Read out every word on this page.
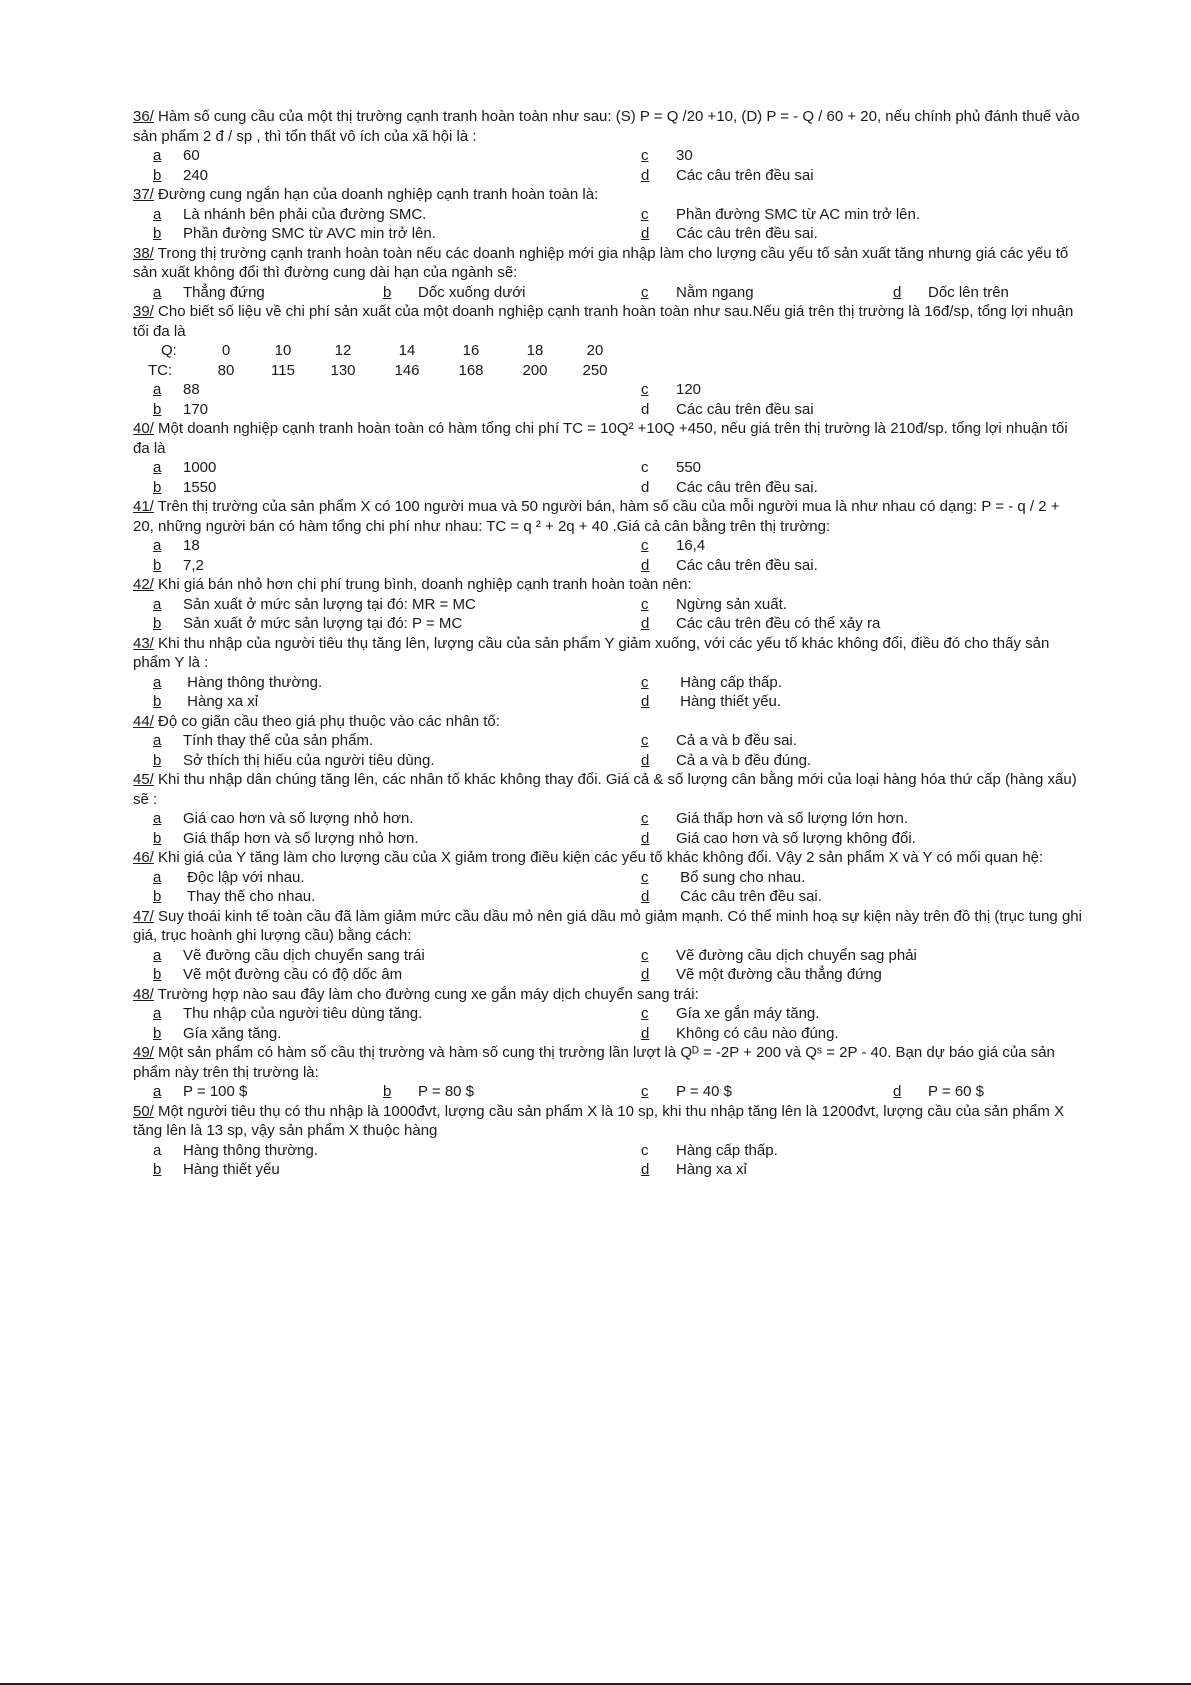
36/ Hàm số cung cầu của một thị trường cạnh tranh hoàn toàn như sau: (S) P = Q /20 +10, (D) P = - Q / 60 + 20, nếu chính phủ đánh thuế vào sản phẩm 2 đ / sp , thì tổn thất vô ích của xã hội là :
a 60	c 30
b 240	d Các câu trên đều sai
37/ Đường cung ngắn hạn của doanh nghiệp cạnh tranh hoàn toàn là:
a Là nhánh bên phải của đường SMC.	c Phần đường SMC từ AC min trở lên.
b Phần đường SMC từ AVC min trở lên.	d Các câu trên đều sai.
38/ Trong thị trường cạnh tranh hoàn toàn nếu các doanh nghiệp mới gia nhập làm cho lượng cầu yếu tố sản xuất tăng nhưng giá các yếu tố sản xuất không đổi thì đường cung dài hạn của ngành sẽ:
a Thẳng đứng	b Dốc xuống dưới	c Nằm ngang	d Dốc lên trên
39/ Cho biết số liệu về chi phí sản xuất của một doanh nghiệp cạnh tranh hoàn toàn như sau.Nếu giá trên thị trường là 16đ/sp, tổng lợi nhuận tối đa là
Q:	0	10	12	14	16	18	20
TC:	80	115	130	146	168	200	250
a 88	c 120
b 170	d Các câu trên đều sai
40/ Một doanh nghiệp cạnh tranh hoàn toàn có hàm tổng chi phí TC = 10Q² +10Q +450, nếu giá trên thị trường là 210đ/sp. tổng lợi nhuận tối đa là
a 1000	c 550
b 1550	d Các câu trên đều sai.
41/ Trên thị trường của sản phẩm X có 100 người mua và 50 người bán, hàm số cầu của mỗi người mua là như nhau có dạng: P = - q / 2 + 20, những người bán có hàm tổng chi phí như nhau: TC = q ² + 2q + 40 .Giá cả cân bằng trên thị trường:
a 18	c 16,4
b 7,2	d Các câu trên đều sai.
42/ Khi giá bán nhỏ hơn chi phí trung bình, doanh nghiệp cạnh tranh hoàn toàn nên:
a Sản xuất ở mức sản lượng tại đó: MR = MC	c Ngừng sản xuất.
b Sản xuất ở mức sản lượng tại đó: P = MC	d Các câu trên đều có thể xảy ra
43/ Khi thu nhập của người tiêu thụ tăng lên, lượng cầu của sản phẩm Y giảm xuống, với các yếu tố khác không đổi, điều đó cho thấy sản phẩm Y là :
a Hàng thông thường.	c Hàng cấp thấp.
b Hàng xa xỉ	d Hàng thiết yếu.
44/ Độ co giãn cầu theo giá phụ thuộc vào các nhân tố:
a Tính thay thế của sản phẩm.	c Cả a và b đều sai.
b Sở thích thị hiếu của người tiêu dùng.	d Cả a và b đều đúng.
45/ Khi thu nhập dân chúng tăng lên, các nhân tố khác không thay đổi. Giá cả & số lượng cân bằng mới của loại hàng hóa thứ cấp (hàng xấu) sẽ :
a Giá cao hơn và số lượng nhỏ hơn.	c Giá thấp hơn và số lượng lớn hơn.
b Giá thấp hơn và số lượng nhỏ hơn.	d Giá cao hơn và số lượng không đổi.
46/ Khi giá của Y tăng làm cho lượng cầu của X giảm trong điều kiện các yếu tố khác không đổi. Vậy 2 sản phẩm X và Y có mối quan hệ:
a Độc lập với nhau.	c Bổ sung cho nhau.
b Thay thế cho nhau.	d Các câu trên đều sai.
47/ Suy thoái kinh tế toàn cầu đã làm giảm mức cầu dầu mỏ nên giá dầu mỏ giảm mạnh. Có thể minh hoạ sự kiện này trên đồ thị (trục tung ghi giá, trục hoành ghi lượng cầu) bằng cách:
a Vẽ đường cầu dịch chuyển sang trái	c Vẽ đường cầu dịch chuyển sag phải
b Vẽ một đường cầu có độ dốc âm	d Vẽ một đường cầu thẳng đứng
48/ Trường hợp nào sau đây làm cho đường cung xe gắn máy dịch chuyển sang trái:
a Thu nhập của người tiêu dùng tăng.	c Gía xe gắn máy tăng.
b Gía xăng tăng.	d Không có câu nào đúng.
49/ Một sản phẩm có hàm số cầu thị trường và hàm số cung thị trường lần lượt là Qᴰ = -2P + 200 và Qˢ = 2P - 40. Bạn dự báo giá của sản phẩm này trên thị trường là:
a P = 100 $	b P = 80 $	c P = 40 $	d P = 60 $
50/ Một người tiêu thụ có thu nhập là 1000đvt, lượng cầu sản phẩm X là 10 sp, khi thu nhập tăng lên là 1200đvt, lượng cầu của sản phẩm X tăng lên là 13 sp, vậy sản phẩm X thuộc hàng
a Hàng thông thường.	c Hàng cấp thấp.
b Hàng thiết yếu	d Hàng xa xỉ
